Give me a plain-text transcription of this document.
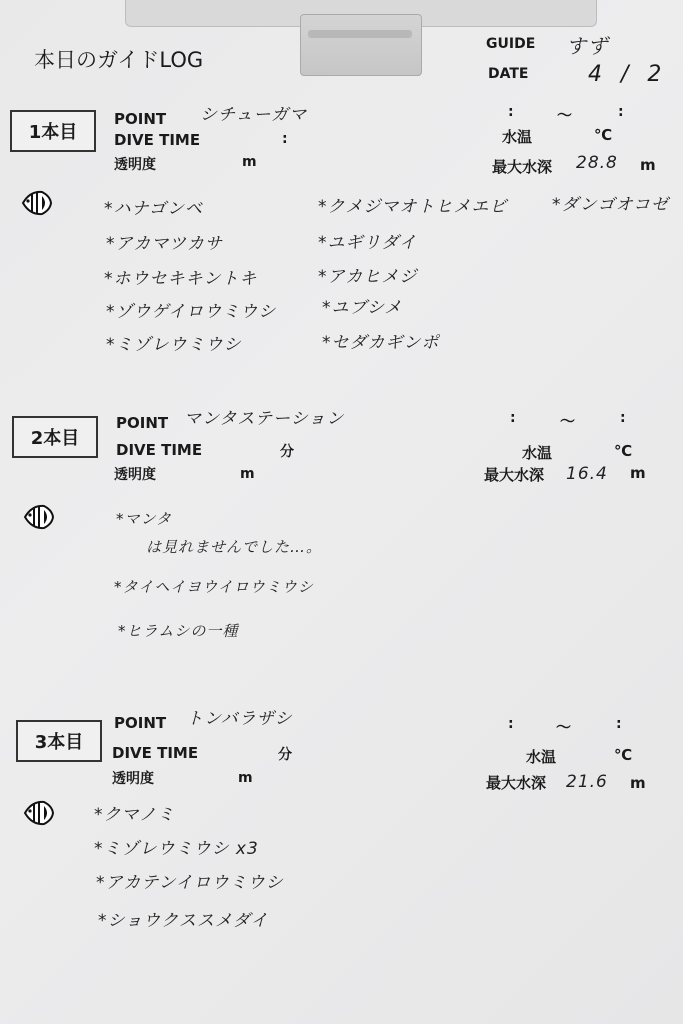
本日のガイドLOG
GUIDE すず
DATE	4 / 2
1本目
POINT シチューガマ
DIVE TIME	:
透明度	m
:	〜	:
水温	℃
最大水深 28.8 m
*ハナゴンベ
*アカマツカサ
*ホウセキキントキ
*ゾウゲイロウミウシ
*ミゾレウミウシ
*クメジマオトヒメエビ
*ユギリダイ
*アカヒメジ
*ユブシメ
*セダカギンポ
*ダンゴオコゼ
2本目
POINT マンタステーション
DIVE TIME	分
透明度	m
:	〜	:
水温	℃
最大水深 16.4 m
*マンタ
は見れませんでした…。
*タイヘイヨウイロウミウシ
*ヒラムシの一種
3本目
POINT トンバラザシ
DIVE TIME	分
透明度	m
:	〜	:
水温	℃
最大水深 21.6 m
*クマノミ
*ミゾレウミウシ x3
*アカテンイロウミウシ
*ショウクススメダイ
